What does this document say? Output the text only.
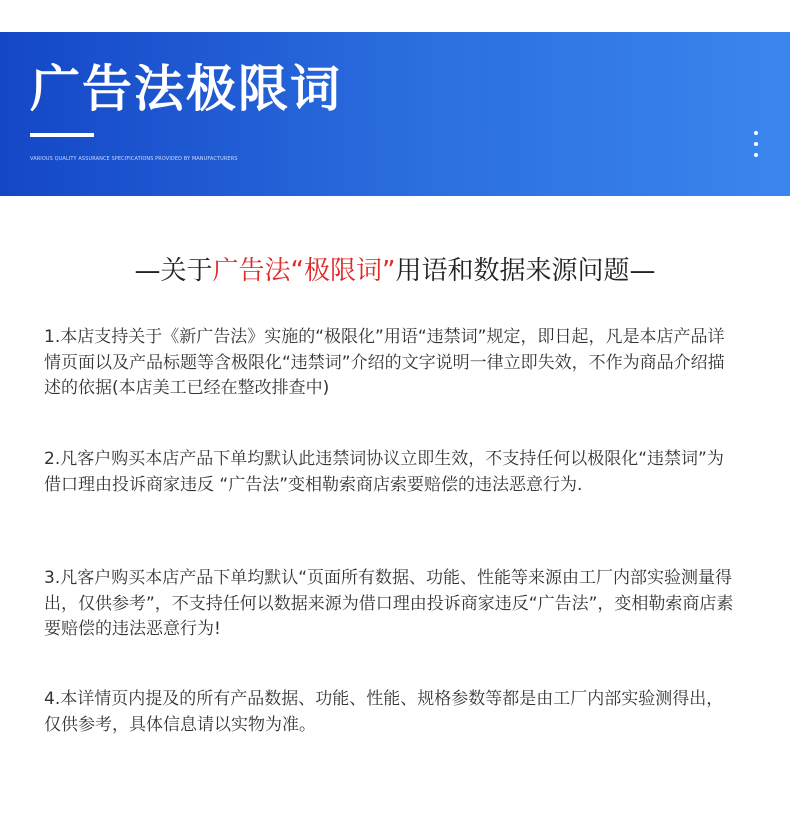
广告法极限词
VARIOUS QUALITY ASSURANCE SPECIFICATIONS PROVIDED BY MANUFACTURERS
—关于广告法“极限词”用语和数据来源问题—

1.本店支持关于《新广告法》实施的“极限化”用语“违禁词”规定，即日起，凡是本店产品详情页面以及产品标题等含极限化“违禁词”介绍的文字说明一律立即失效，不作为商品介绍描述的依据(本店美工已经在整改排查中)

2.凡客户购买本店产品下单均默认此违禁词协议立即生效，不支持任何以极限化“违禁词”为借口理由投诉商家违反 “广告法”变相勒索商店索要赔偿的违法恶意行为.

3.凡客户购买本店产品下单均默认“页面所有数据、功能、性能等来源由工厂内部实验测量得出，仅供参考”，不支持任何以数据来源为借口理由投诉商家违反“广告法”，变相勒索商店素要赔偿的违法恶意行为!

4.本详情页内提及的所有产品数据、功能、性能、规格参数等都是由工厂内部实验测得出，仅供参考，具体信息请以实物为准。
